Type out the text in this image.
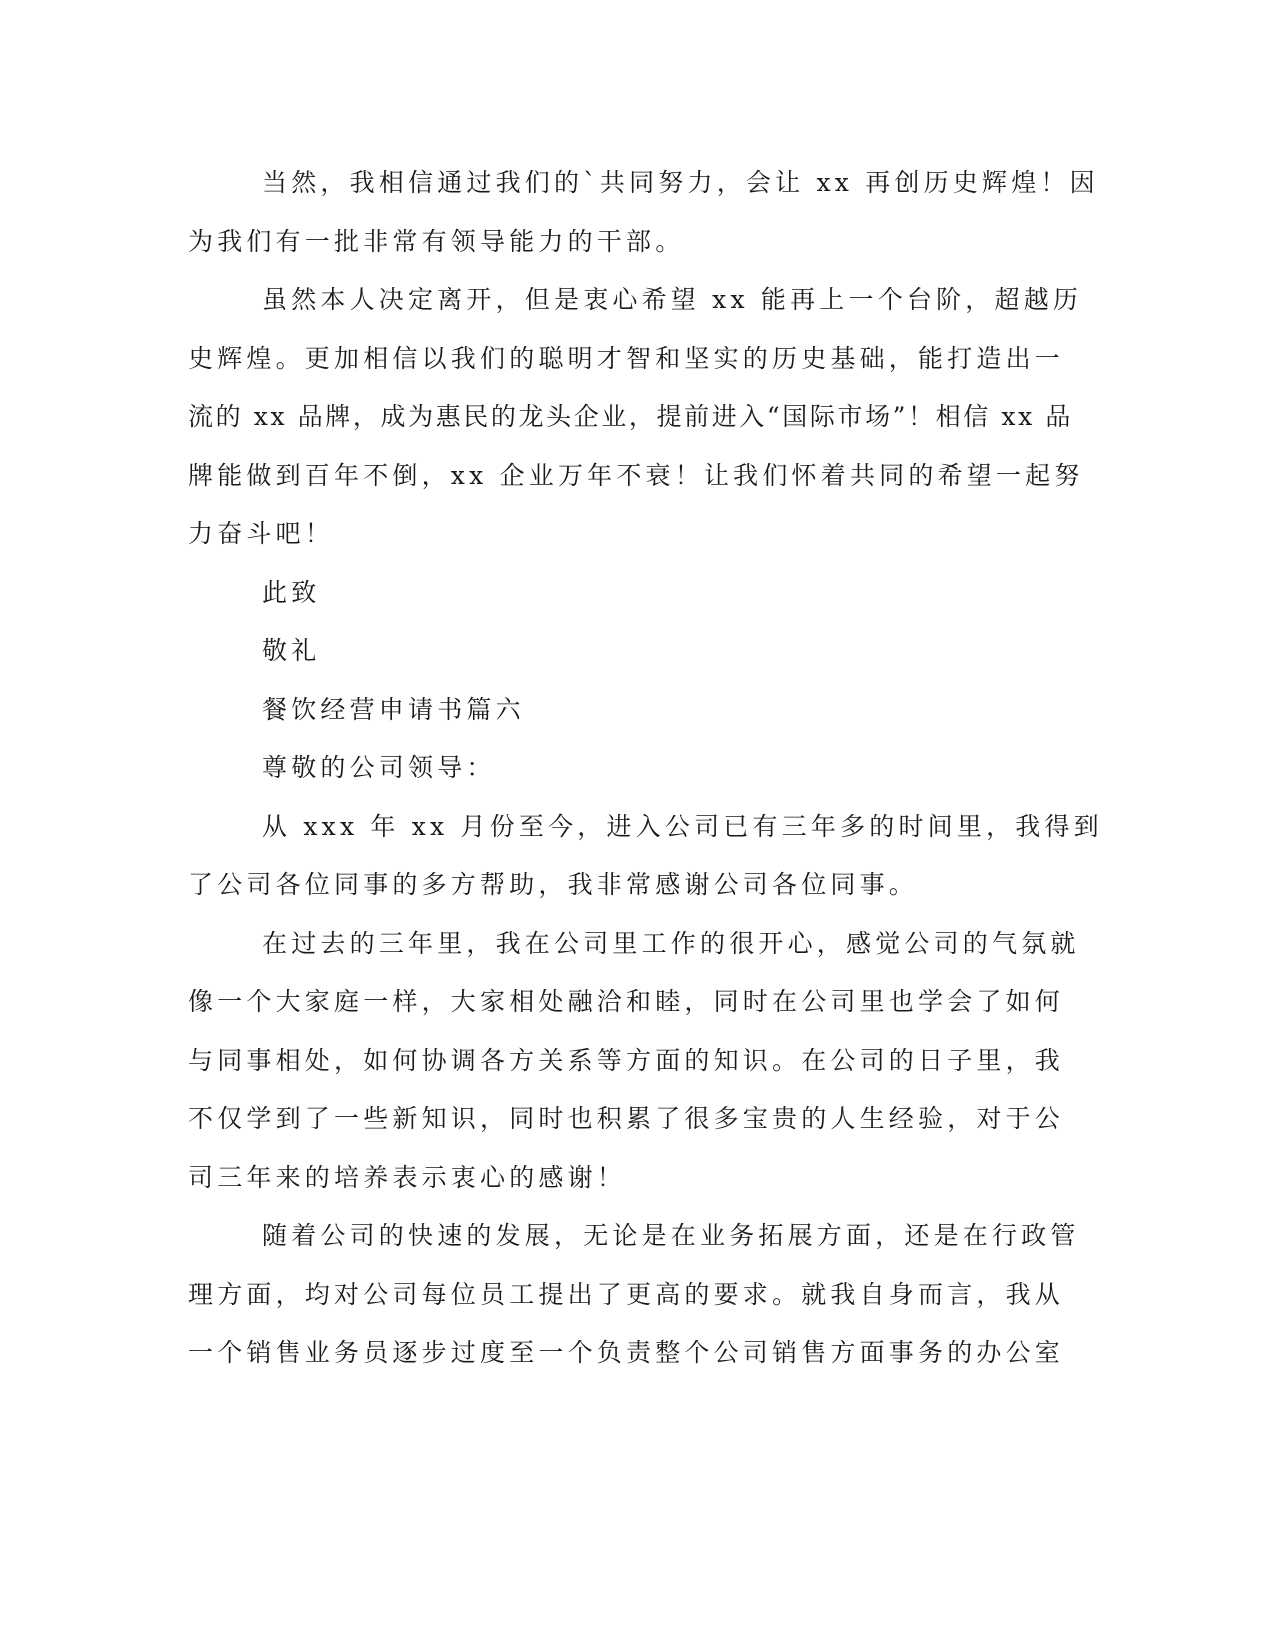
当然，我相信通过我们的`共同努力，会让 xx 再创历史辉煌！因
为我们有一批非常有领导能力的干部。
虽然本人决定离开，但是衷心希望 xx 能再上一个台阶，超越历
史辉煌。更加相信以我们的聪明才智和坚实的历史基础，能打造出一
流的 xx 品牌，成为惠民的龙头企业，提前进入“国际市场”！相信 xx 品
牌能做到百年不倒，xx 企业万年不衰！让我们怀着共同的希望一起努
力奋斗吧！
此致
敬礼
餐饮经营申请书篇六
尊敬的公司领导：
从 xxx 年 xx 月份至今，进入公司已有三年多的时间里，我得到
了公司各位同事的多方帮助，我非常感谢公司各位同事。
在过去的三年里，我在公司里工作的很开心，感觉公司的气氛就
像一个大家庭一样，大家相处融洽和睦，同时在公司里也学会了如何
与同事相处，如何协调各方关系等方面的知识。在公司的日子里，我
不仅学到了一些新知识，同时也积累了很多宝贵的人生经验，对于公
司三年来的培养表示衷心的感谢！
随着公司的快速的发展，无论是在业务拓展方面，还是在行政管
理方面，均对公司每位员工提出了更高的要求。就我自身而言，我从
一个销售业务员逐步过度至一个负责整个公司销售方面事务的办公室
